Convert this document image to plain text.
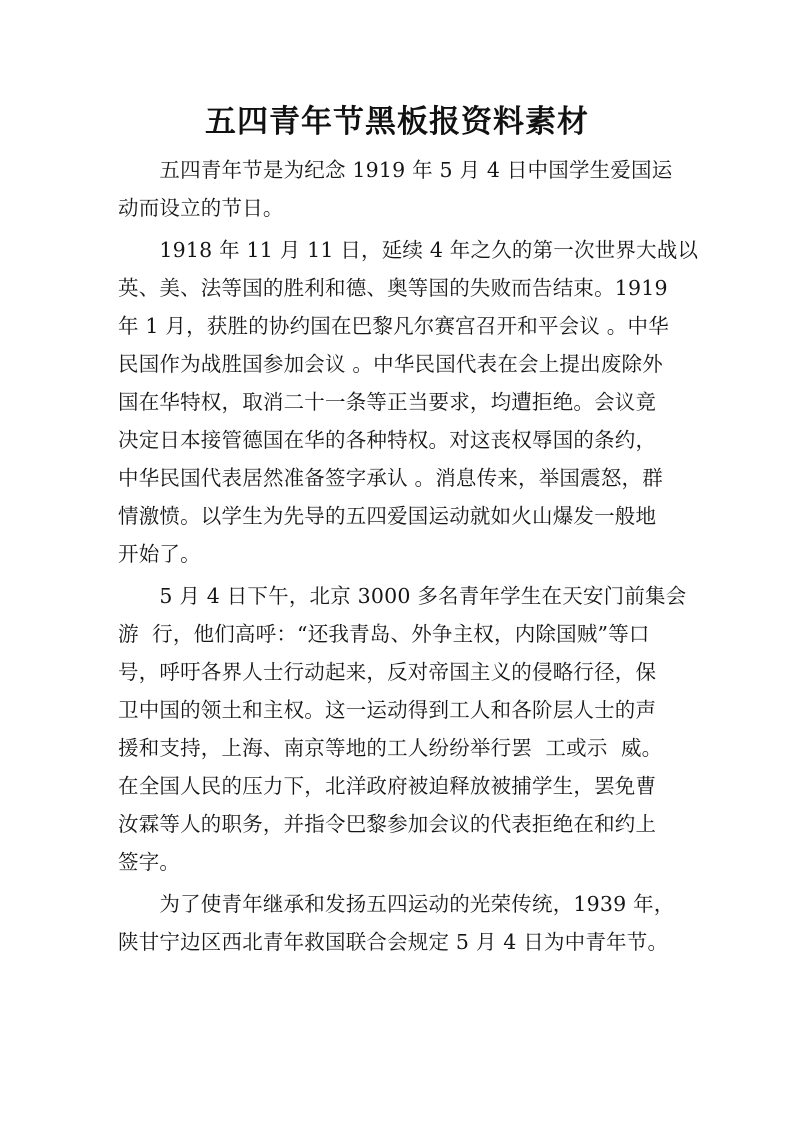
五四青年节黑板报资料素材
　　五四青年节是为纪念 1919 年 5 月 4 日中国学生爱国运
动而设立的节日。
　　1918 年 11 月 11 日，延续 4 年之久的第一次世界大战以
英、美、法等国的胜利和德、奥等国的失败而告结束。1919
年 1 月，获胜的协约国在巴黎凡尔赛宫召开和平会议 。中华
民国作为战胜国参加会议 。中华民国代表在会上提出废除外
国在华特权，取消二十一条等正当要求，均遭拒绝。会议竟
决定日本接管德国在华的各种特权。对这丧权辱国的条约，
中华民国代表居然准备签字承认 。消息传来，举国震怒，群
情激愤。以学生为先导的五四爱国运动就如火山爆发一般地
开始了。
　　5 月 4 日下午，北京 3000 多名青年学生在天安门前集会
游  行，他们高呼：“还我青岛、外争主权，内除国贼”等口
号，呼吁各界人士行动起来，反对帝国主义的侵略行径，保
卫中国的领土和主权。这一运动得到工人和各阶层人士的声
援和支持，上海、南京等地的工人纷纷举行罢  工或示  威。
在全国人民的压力下，北洋政府被迫释放被捕学生，罢免曹
汝霖等人的职务，并指令巴黎参加会议的代表拒绝在和约上
签字。
　　为了使青年继承和发扬五四运动的光荣传统，1939 年，
陕甘宁边区西北青年救国联合会规定 5 月 4 日为中青年节。
